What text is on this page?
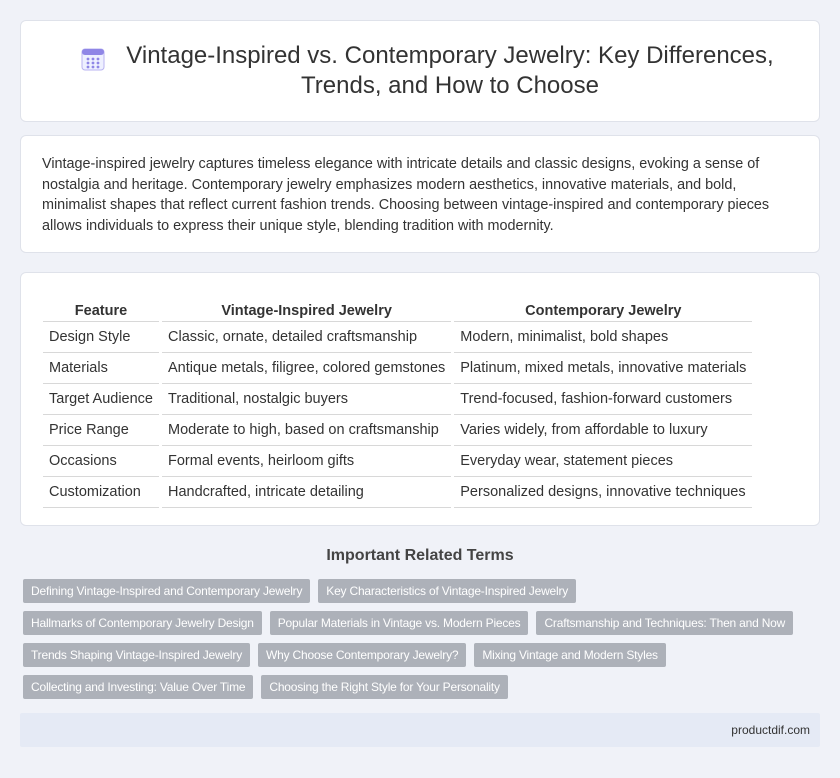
Vintage-Inspired vs. Contemporary Jewelry: Key Differences, Trends, and How to Choose

Vintage-inspired jewelry captures timeless elegance with intricate details and classic designs, evoking a sense of nostalgia and heritage. Contemporary jewelry emphasizes modern aesthetics, innovative materials, and bold, minimalist shapes that reflect current fashion trends. Choosing between vintage-inspired and contemporary pieces allows individuals to express their unique style, blending tradition with modernity.

Feature	Vintage-Inspired Jewelry	Contemporary Jewelry
Design Style	Classic, ornate, detailed craftsmanship	Modern, minimalist, bold shapes
Materials	Antique metals, filigree, colored gemstones	Platinum, mixed metals, innovative materials
Target Audience	Traditional, nostalgic buyers	Trend-focused, fashion-forward customers
Price Range	Moderate to high, based on craftsmanship	Varies widely, from affordable to luxury
Occasions	Formal events, heirloom gifts	Everyday wear, statement pieces
Customization	Handcrafted, intricate detailing	Personalized designs, innovative techniques
Important Related Terms
Defining Vintage-Inspired and Contemporary Jewelry	Key Characteristics of Vintage-Inspired Jewelry
Hallmarks of Contemporary Jewelry Design	Popular Materials in Vintage vs. Modern Pieces	Craftsmanship and Techniques: Then and Now
Trends Shaping Vintage-Inspired Jewelry	Why Choose Contemporary Jewelry?	Mixing Vintage and Modern Styles
Collecting and Investing: Value Over Time	Choosing the Right Style for Your Personality
productdif.com
